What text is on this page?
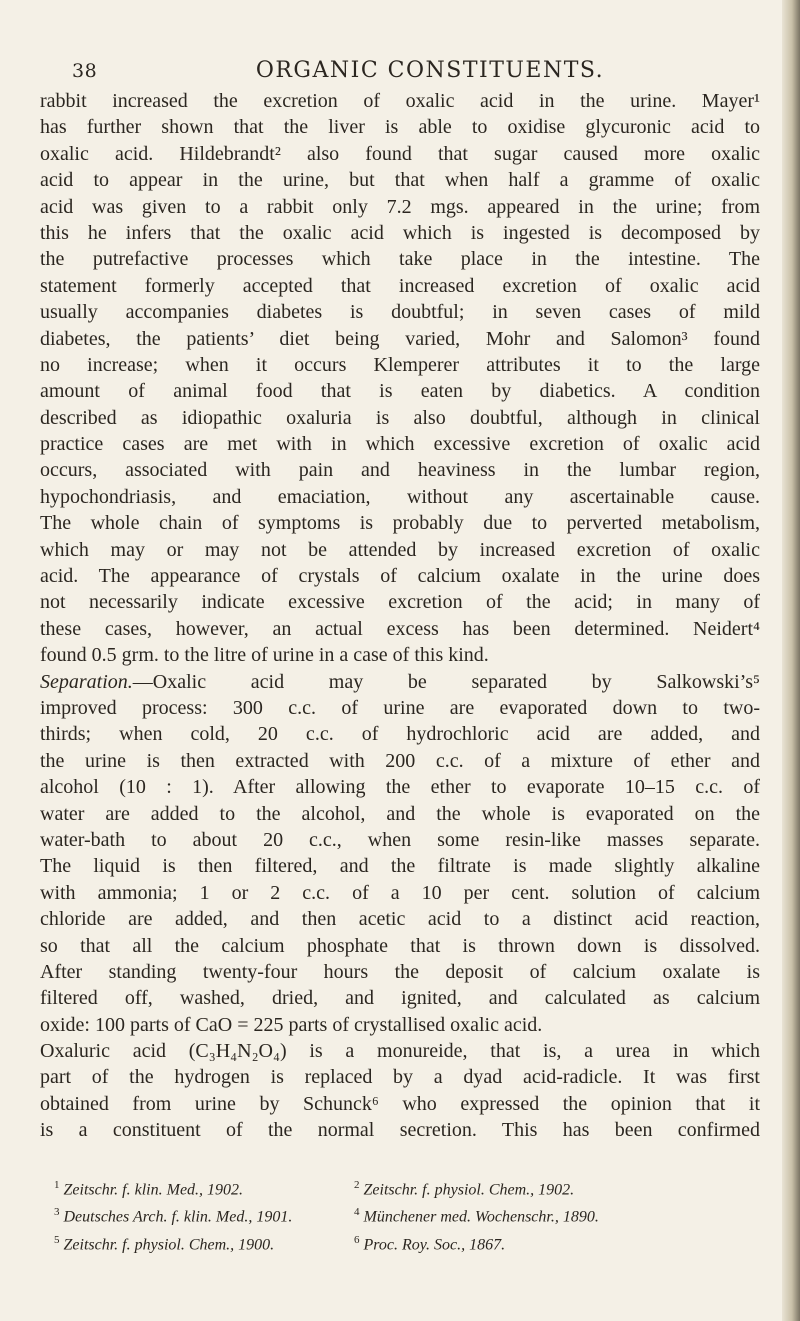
38	ORGANIC CONSTITUENTS.
rabbit increased the excretion of oxalic acid in the urine. Mayer¹
has further shown that the liver is able to oxidise glycuronic acid to
oxalic acid. Hildebrandt² also found that sugar caused more oxalic
acid to appear in the urine, but that when half a gramme of oxalic
acid was given to a rabbit only 7.2 mgs. appeared in the urine; from
this he infers that the oxalic acid which is ingested is decomposed by
the putrefactive processes which take place in the intestine. The
statement formerly accepted that increased excretion of oxalic acid
usually accompanies diabetes is doubtful; in seven cases of mild
diabetes, the patients’ diet being varied, Mohr and Salomon³ found
no increase; when it occurs Klemperer attributes it to the large
amount of animal food that is eaten by diabetics. A condition
described as idiopathic oxaluria is also doubtful, although in clinical
practice cases are met with in which excessive excretion of oxalic acid
occurs, associated with pain and heaviness in the lumbar region,
hypochondriasis, and emaciation, without any ascertainable cause.
The whole chain of symptoms is probably due to perverted metabolism,
which may or may not be attended by increased excretion of oxalic
acid. The appearance of crystals of calcium oxalate in the urine does
not necessarily indicate excessive excretion of the acid; in many of
these cases, however, an actual excess has been determined. Neidert⁴
found 0.5 grm. to the litre of urine in a case of this kind.
Separation.—Oxalic acid may be separated by Salkowski’s⁵
improved process: 300 c.c. of urine are evaporated down to two-
thirds; when cold, 20 c.c. of hydrochloric acid are added, and
the urine is then extracted with 200 c.c. of a mixture of ether and
alcohol (10 : 1). After allowing the ether to evaporate 10–15 c.c. of
water are added to the alcohol, and the whole is evaporated on the
water-bath to about 20 c.c., when some resin-like masses separate.
The liquid is then filtered, and the filtrate is made slightly alkaline
with ammonia; 1 or 2 c.c. of a 10 per cent. solution of calcium
chloride are added, and then acetic acid to a distinct acid reaction,
so that all the calcium phosphate that is thrown down is dissolved.
After standing twenty-four hours the deposit of calcium oxalate is
filtered off, washed, dried, and ignited, and calculated as calcium
oxide: 100 parts of CaO = 225 parts of crystallised oxalic acid.
Oxaluric acid (C₃H₄N₂O₄) is a monureide, that is, a urea in which
part of the hydrogen is replaced by a dyad acid-radicle. It was first
obtained from urine by Schunck⁶ who expressed the opinion that it
is a constituent of the normal secretion. This has been confirmed
$^1$ Zeitschr. f. klin. Med., 1902.	$^2$ Zeitschr. f. physiol. Chem., 1902.
$^3$ Deutsches Arch. f. klin. Med., 1901.	$^4$ Münchener med. Wochenschr., 1890.
$^5$ Zeitschr. f. physiol. Chem., 1900.	$^6$ Proc. Roy. Soc., 1867.
